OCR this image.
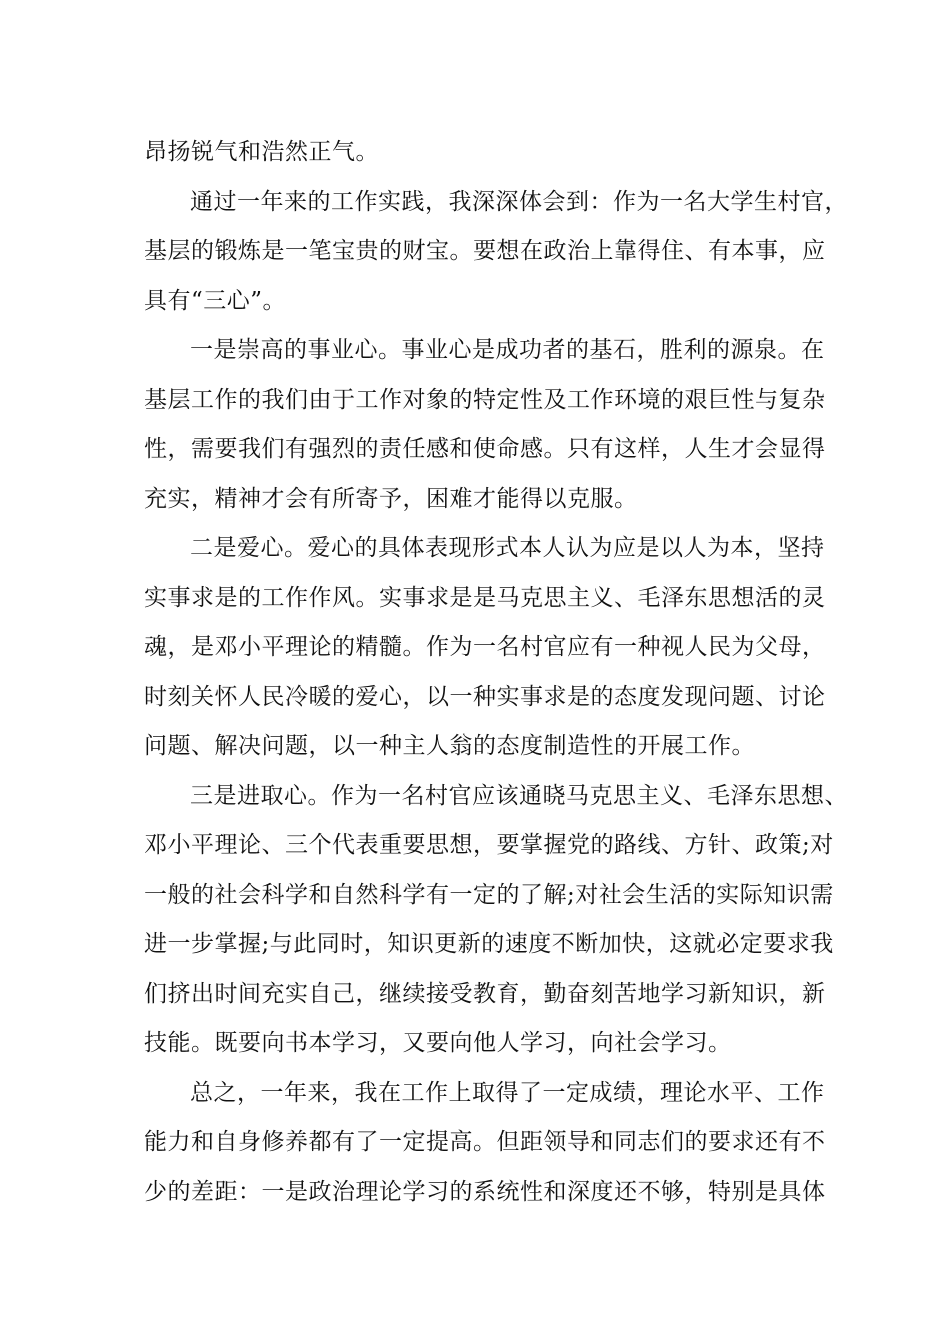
昂扬锐气和浩然正气。
通过一年来的工作实践，我深深体会到：作为一名大学生村官，
基层的锻炼是一笔宝贵的财宝。要想在政治上靠得住、有本事，应
具有“三心”。
一是崇高的事业心。事业心是成功者的基石，胜利的源泉。在
基层工作的我们由于工作对象的特定性及工作环境的艰巨性与复杂
性，需要我们有强烈的责任感和使命感。只有这样，人生才会显得
充实，精神才会有所寄予，困难才能得以克服。
二是爱心。爱心的具体表现形式本人认为应是以人为本，坚持
实事求是的工作作风。实事求是是马克思主义、毛泽东思想活的灵
魂，是邓小平理论的精髓。作为一名村官应有一种视人民为父母，
时刻关怀人民冷暖的爱心，以一种实事求是的态度发现问题、讨论
问题、解决问题，以一种主人翁的态度制造性的开展工作。
三是进取心。作为一名村官应该通晓马克思主义、毛泽东思想、
邓小平理论、三个代表重要思想，要掌握党的路线、方针、政策;对
一般的社会科学和自然科学有一定的了解;对社会生活的实际知识需
进一步掌握;与此同时，知识更新的速度不断加快，这就必定要求我
们挤出时间充实自己，继续接受教育，勤奋刻苦地学习新知识，新
技能。既要向书本学习，又要向他人学习，向社会学习。
总之，一年来，我在工作上取得了一定成绩，理论水平、工作
能力和自身修养都有了一定提高。但距领导和同志们的要求还有不
少的差距：一是政治理论学习的系统性和深度还不够，特别是具体
